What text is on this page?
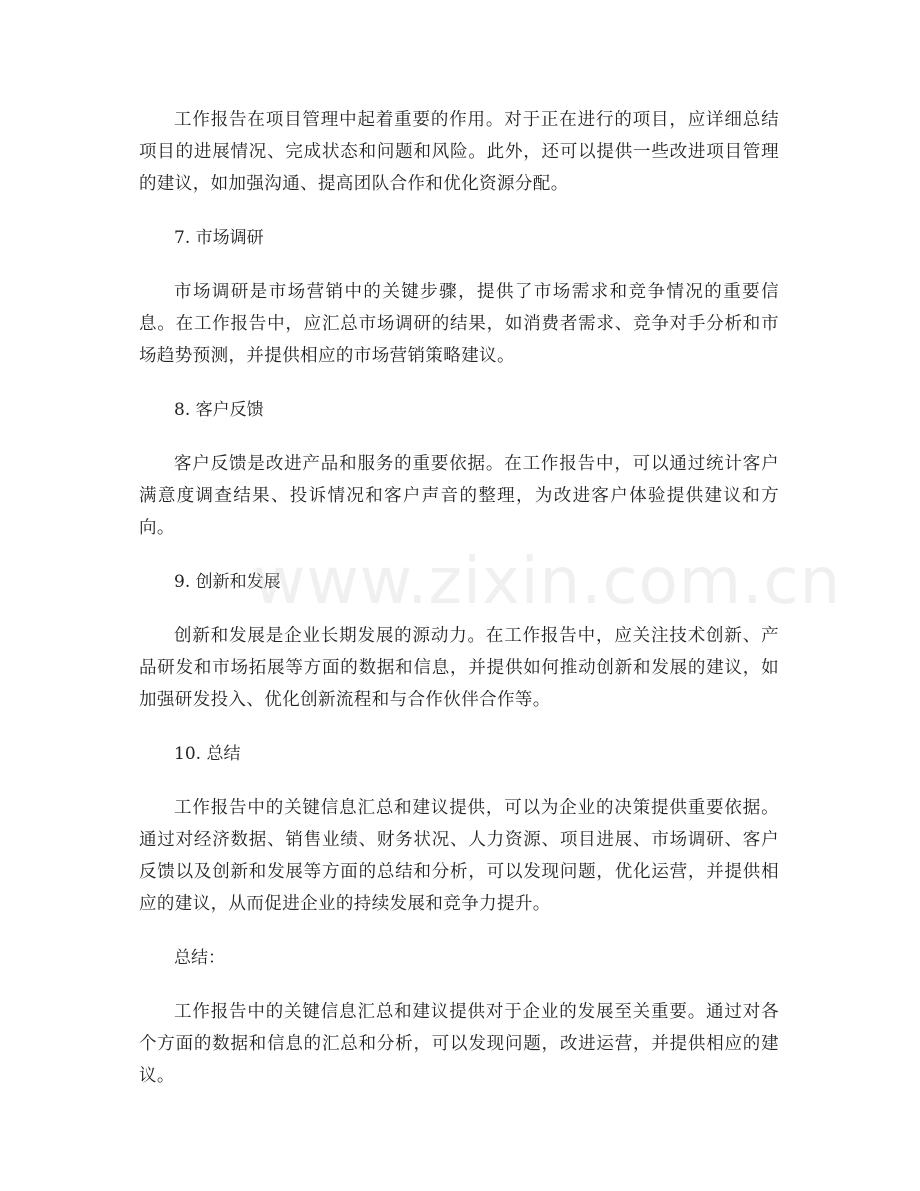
工作报告在项目管理中起着重要的作用。对于正在进行的项目，应详细总结项目的进展情况、完成状态和问题和风险。此外，还可以提供一些改进项目管理的建议，如加强沟通、提高团队合作和优化资源分配。

7. 市场调研

市场调研是市场营销中的关键步骤，提供了市场需求和竞争情况的重要信息。在工作报告中，应汇总市场调研的结果，如消费者需求、竞争对手分析和市场趋势预测，并提供相应的市场营销策略建议。

8. 客户反馈

客户反馈是改进产品和服务的重要依据。在工作报告中，可以通过统计客户满意度调查结果、投诉情况和客户声音的整理，为改进客户体验提供建议和方向。

9. 创新和发展

创新和发展是企业长期发展的源动力。在工作报告中，应关注技术创新、产品研发和市场拓展等方面的数据和信息，并提供如何推动创新和发展的建议，如加强研发投入、优化创新流程和与合作伙伴合作等。

10. 总结

工作报告中的关键信息汇总和建议提供，可以为企业的决策提供重要依据。通过对经济数据、销售业绩、财务状况、人力资源、项目进展、市场调研、客户反馈以及创新和发展等方面的总结和分析，可以发现问题，优化运营，并提供相应的建议，从而促进企业的持续发展和竞争力提升。

总结：

工作报告中的关键信息汇总和建议提供对于企业的发展至关重要。通过对各个方面的数据和信息的汇总和分析，可以发现问题，改进运营，并提供相应的建议。

www.zixin.com.cn
